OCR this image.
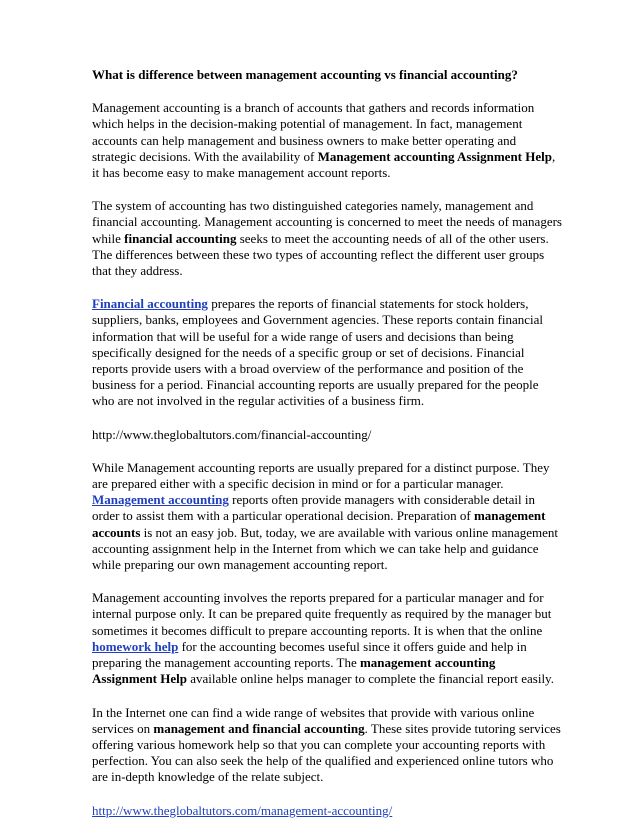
What is difference between management accounting vs financial accounting?

Management accounting is a branch of accounts that gathers and records information which helps in the decision-making potential of management. In fact, management accounts can help management and business owners to make better operating and strategic decisions. With the availability of Management accounting Assignment Help, it has become easy to make management account reports.

The system of accounting has two distinguished categories namely, management and financial accounting. Management accounting is concerned to meet the needs of managers while financial accounting seeks to meet the accounting needs of all of the other users. The differences between these two types of accounting reflect the different user groups that they address.

Financial accounting prepares the reports of financial statements for stock holders, suppliers, banks, employees and Government agencies. These reports contain financial information that will be useful for a wide range of users and decisions than being specifically designed for the needs of a specific group or set of decisions. Financial reports provide users with a broad overview of the performance and position of the business for a period. Financial accounting reports are usually prepared for the people who are not involved in the regular activities of a business firm.

http://www.theglobaltutors.com/financial-accounting/

While Management accounting reports are usually prepared for a distinct purpose. They are prepared either with a specific decision in mind or for a particular manager. Management accounting reports often provide managers with considerable detail in order to assist them with a particular operational decision. Preparation of management accounts is not an easy job. But, today, we are available with various online management accounting assignment help in the Internet from which we can take help and guidance while preparing our own management accounting report.

Management accounting involves the reports prepared for a particular manager and for internal purpose only. It can be prepared quite frequently as required by the manager but sometimes it becomes difficult to prepare accounting reports. It is when that the online homework help for the accounting becomes useful since it offers guide and help in preparing the management accounting reports. The management accounting Assignment Help available online helps manager to complete the financial report easily.

In the Internet one can find a wide range of websites that provide with various online services on management and financial accounting. These sites provide tutoring services offering various homework help so that you can complete your accounting reports with perfection. You can also seek the help of the qualified and experienced online tutors who are in-depth knowledge of the relate subject.

http://www.theglobaltutors.com/management-accounting/
